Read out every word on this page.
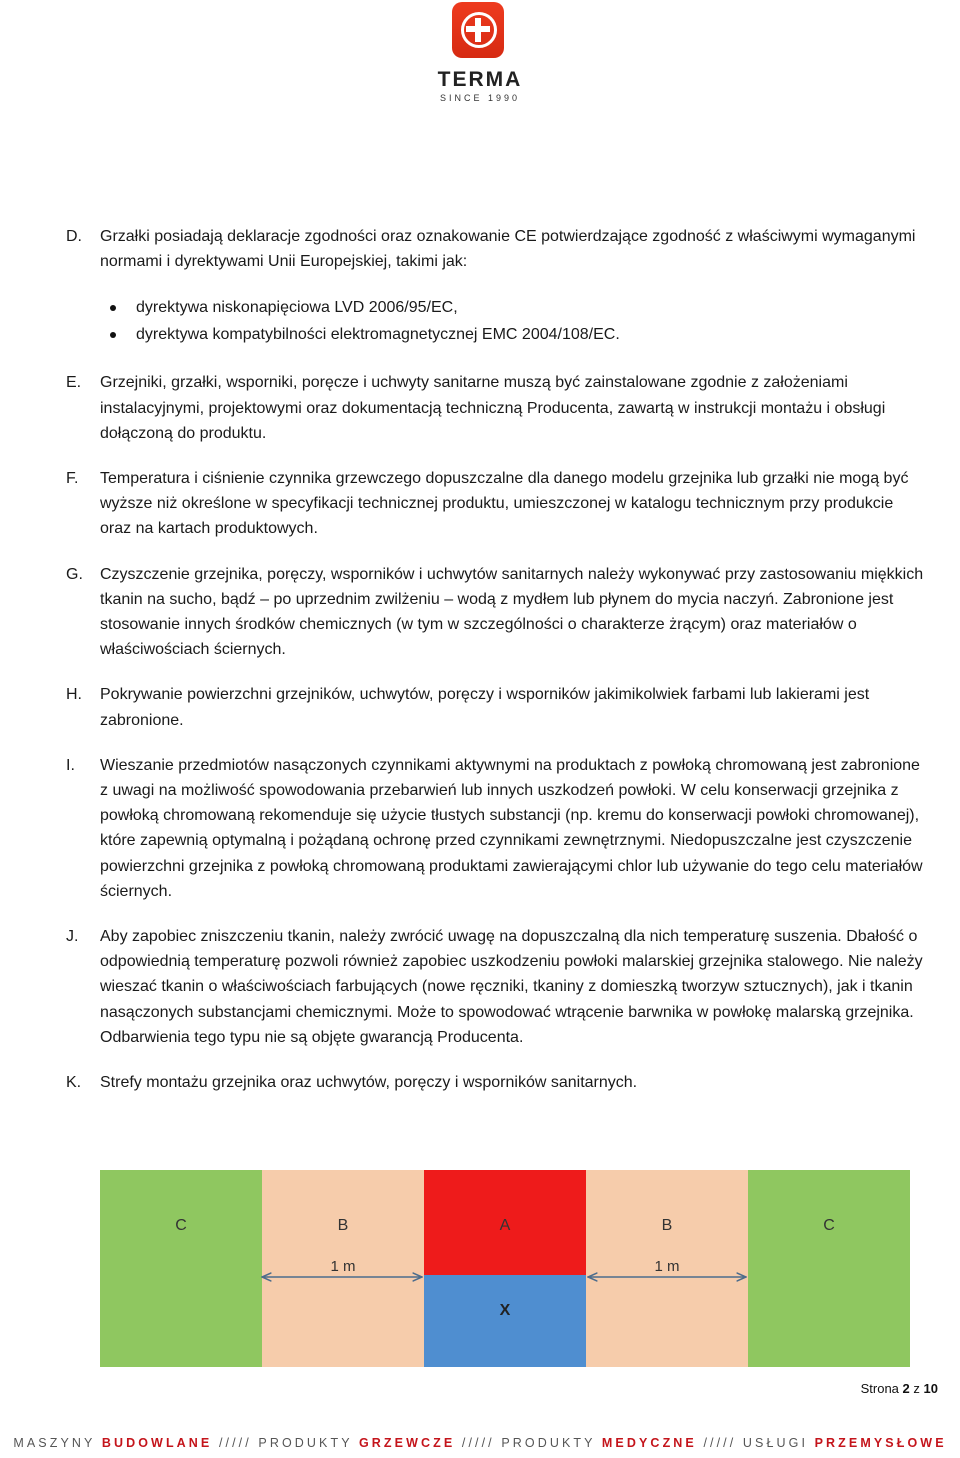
TERMA
SINCE 1990
D. Grzałki posiadają deklaracje zgodności oraz oznakowanie CE potwierdzające zgodność z właściwymi wymaganymi normami i dyrektywami Unii Europejskiej, takimi jak:
dyrektywa niskonapięciowa LVD 2006/95/EC,
dyrektywa kompatybilności elektromagnetycznej EMC 2004/108/EC.
E. Grzejniki, grzałki, wsporniki, poręcze i uchwyty sanitarne muszą być zainstalowane zgodnie z założeniami instalacyjnymi, projektowymi oraz dokumentacją techniczną Producenta, zawartą w instrukcji montażu i obsługi dołączoną do produktu.
F. Temperatura i ciśnienie czynnika grzewczego dopuszczalne dla danego modelu grzejnika lub grzałki nie mogą być wyższe niż określone w specyfikacji technicznej produktu, umieszczonej w katalogu technicznym przy produkcie oraz na kartach produktowych.
G. Czyszczenie grzejnika, poręczy, wsporników i uchwytów sanitarnych należy wykonywać przy zastosowaniu miękkich tkanin na sucho, bądź – po uprzednim zwilżeniu – wodą z mydłem lub płynem do mycia naczyń. Zabronione jest stosowanie innych środków chemicznych (w tym w szczególności o charakterze żrącym) oraz materiałów o właściwościach ściernych.
H. Pokrywanie powierzchni grzejników, uchwytów, poręczy i wsporników jakimikolwiek farbami lub lakierami jest zabronione.
I. Wieszanie przedmiotów nasączonych czynnikami aktywnymi na produktach z powłoką chromowaną jest zabronione z uwagi na możliwość spowodowania przebarwień lub innych uszkodzeń powłoki. W celu konserwacji grzejnika z powłoką chromowaną rekomenduje się użycie tłustych substancji (np. kremu do konserwacji powłoki chromowanej), które zapewnią optymalną i pożądaną ochronę przed czynnikami zewnętrznymi. Niedopuszczalne jest czyszczenie powierzchni grzejnika z powłoką chromowaną produktami zawierającymi chlor lub używanie do tego celu materiałów ściernych.
J. Aby zapobiec zniszczeniu tkanin, należy zwrócić uwagę na dopuszczalną dla nich temperaturę suszenia. Dbałość o odpowiednią temperaturę pozwoli również zapobiec uszkodzeniu powłoki malarskiej grzejnika stalowego. Nie należy wieszać tkanin o właściwościach farbujących (nowe ręczniki, tkaniny z domieszką tworzyw sztucznych), jak i tkanin nasączonych substancjami chemicznymi. Może to spowodować wtrącenie barwnika w powłokę malarską grzejnika. Odbarwienia tego typu nie są objęte gwarancją Producenta.
K. Strefy montażu grzejnika oraz uchwytów, poręczy i wsporników sanitarnych.
C	B	A	B	C
X
1 m	1 m
Strona 2 z 10
MASZYNY BUDOWLANE ///// PRODUKTY GRZEWCZE ///// PRODUKTY MEDYCZNE ///// USŁUGI PRZEMYSŁOWE
